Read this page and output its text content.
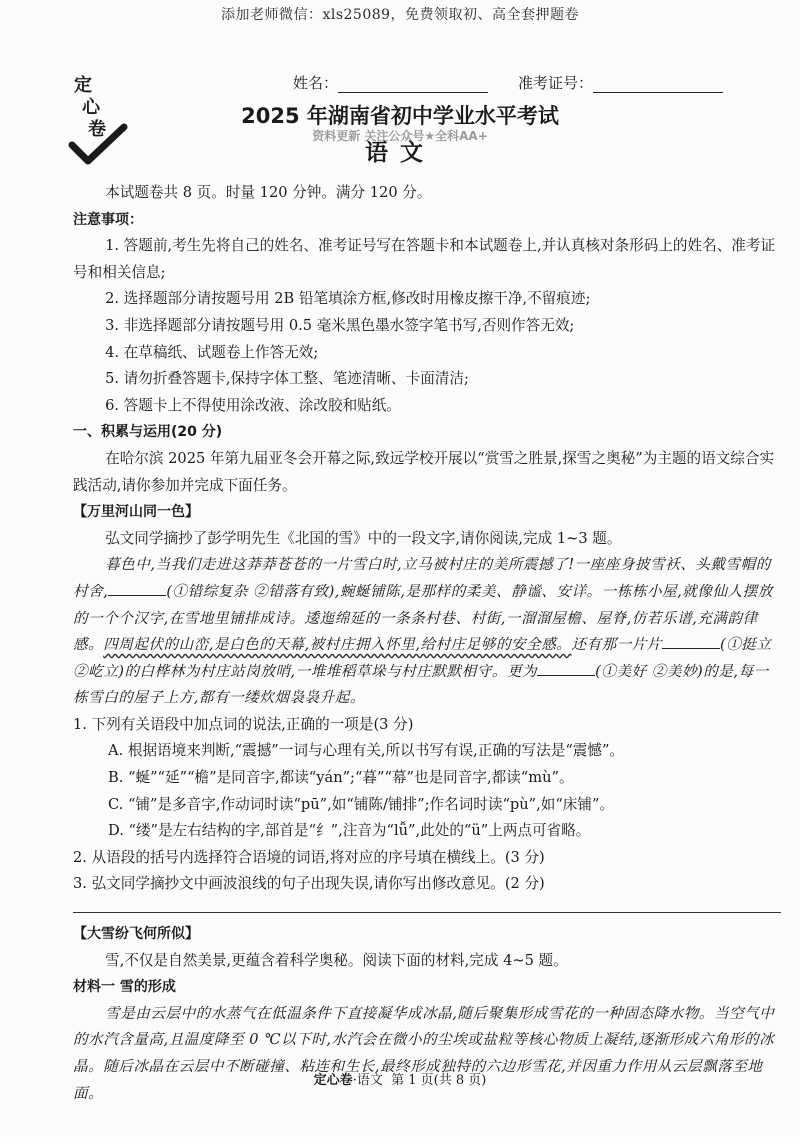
添加老师微信：xls25089，免费领取初、高全套押题卷
定
心
卷
姓名：	准考证号：
2025 年湖南省初中学业水平考试
资料更新 关注公众号★全科AA+
语文

本试题卷共 8 页。时量 120 分钟。满分 120 分。

注意事项：

1. 答题前,考生先将自己的姓名、准考证号写在答题卡和本试题卷上,并认真核对条形码上的姓名、准考证号和相关信息;

2. 选择题部分请按题号用 2B 铅笔填涂方框,修改时用橡皮擦干净,不留痕迹;

3. 非选择题部分请按题号用 0.5 毫米黑色墨水签字笔书写,否则作答无效;

4. 在草稿纸、试题卷上作答无效;

5. 请勿折叠答题卡,保持字体工整、笔迹清晰、卡面清洁;

6. 答题卡上不得使用涂改液、涂改胶和贴纸。

一、积累与运用(20 分)

在哈尔滨 2025 年第九届亚冬会开幕之际,致远学校开展以“赏雪之胜景,探雪之奥秘”为主题的语文综合实践活动,请你参加并完成下面任务。

【万里河山同一色】

弘文同学摘抄了彭学明先生《北国的雪》中的一段文字,请你阅读,完成 1~3 题。

暮色中,当我们走进这莽莽苍苍的一片雪白时,立马被村庄的美所震撼了!一座座身披雪袄、头戴雪帽的村舍,	(①错综复杂 ②错落有致),蜿蜒铺陈,是那样的柔美、静谧、安详。一栋栋小屋,就像仙人摆放的一个个汉字,在雪地里铺排成诗。逶迤绵延的一条条村巷、村街,一溜溜屋檐、屋脊,仿若乐谱,充满韵律感。四周起伏的山峦,是白色的天幕,被村庄拥入怀里,给村庄足够的安全感。还有那一片片	(①挺立 ②屹立)的白桦林为村庄站岗放哨,一堆堆稻草垛与村庄默默相守。更为	(①美好 ②美妙)的是,每一栋雪白的屋子上方,都有一缕炊烟袅袅升起。

1. 下列有关语段中加点词的说法,正确的一项是(3 分)

A. 根据语境来判断,“震撼”一词与心理有关,所以书写有误,正确的写法是“震憾”。

B. “蜒”“延”“檐”是同音字,都读“yán”;“暮”“幕”也是同音字,都读“mù”。

C. “铺”是多音字,作动词时读“pū”,如“铺陈/铺排”;作名词时读“pù”,如“床铺”。

D. “缕”是左右结构的字,部首是“纟”,注音为“lǚ”,此处的“ü”上两点可省略。

2. 从语段的括号内选择符合语境的词语,将对应的序号填在横线上。(3 分)

3. 弘文同学摘抄文中画波浪线的句子出现失误,请你写出修改意见。(2 分)

【大雪纷飞何所似】

雪,不仅是自然美景,更蕴含着科学奥秘。阅读下面的材料,完成 4~5 题。

材料一 雪的形成

雪是由云层中的水蒸气在低温条件下直接凝华成冰晶,随后聚集形成雪花的一种固态降水物。当空气中的水汽含量高,且温度降至 0 ℃以下时,水汽会在微小的尘埃或盐粒等核心物质上凝结,逐渐形成六角形的冰晶。随后冰晶在云层中不断碰撞、粘连和生长,最终形成独特的六边形雪花,并因重力作用从云层飘落至地面。

定心卷·语文 第 1 页(共 8 页)
